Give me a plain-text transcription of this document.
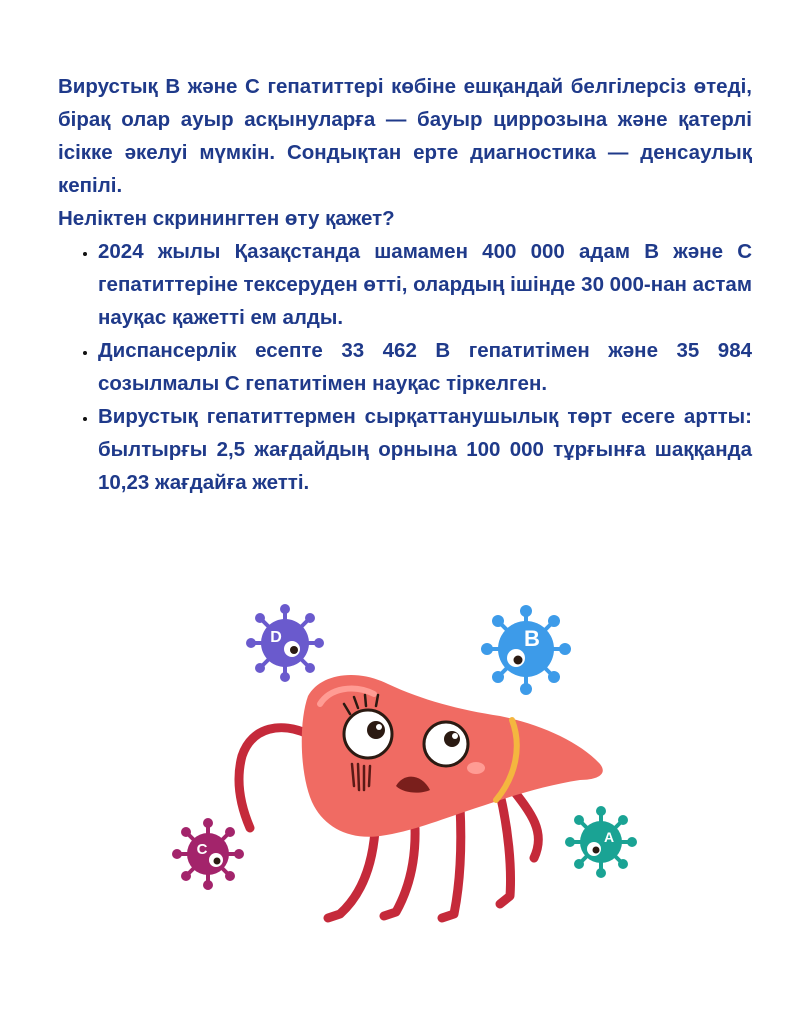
Вирустық В және С гепатиттері көбіне ешқандай белгілерсіз өтеді, бірақ олар ауыр асқынуларға — бауыр циррозына және қатерлі ісікке әкелуі мүмкін. Сондықтан ерте диагностика — денсаулық кепілі.

Неліктен скринингтен өту қажет?

• 2024 жылы Қазақстанда шамамен 400 000 адам В және С гепатиттеріне тексеруден өтті, олардың ішінде 30 000-нан астам науқас қажетті ем алды.
• Диспансерлік есепте 33 462 В гепатитімен және 35 984 созылмалы С гепатитімен науқас тіркелген.
• Вирустық гепатиттермен сырқаттанушылық төрт есеге артты: былтырғы 2,5 жағдайдың орнына 100 000 тұрғынға шаққанда 10,23 жағдайға жетті.
D	B
C
A
